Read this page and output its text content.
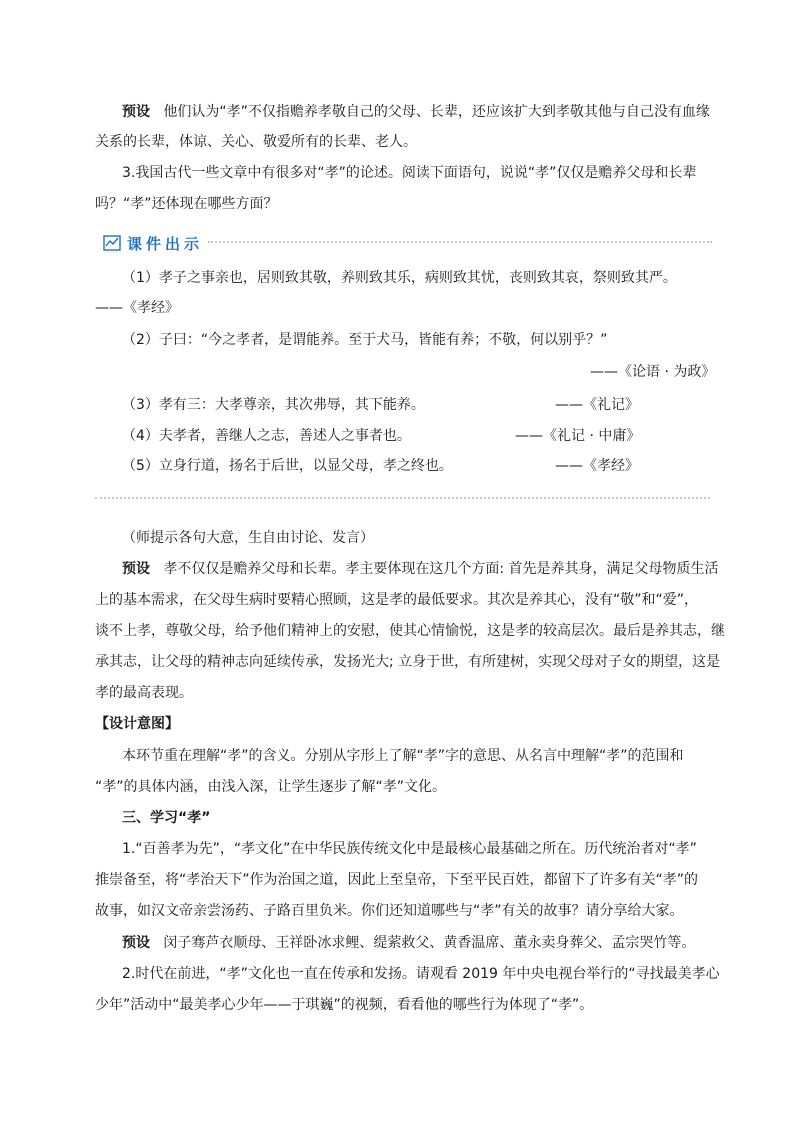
预设 他们认为“孝”不仅指赡养孝敬自己的父母、长辈，还应该扩大到孝敬其他与自己没有血缘
关系的长辈，体谅、关心、敬爱所有的长辈、老人。
3.我国古代一些文章中有很多对“孝”的论述。阅读下面语句，说说“孝”仅仅是赡养父母和长辈
吗？“孝”还体现在哪些方面？
课件出示
（1）孝子之事亲也，居则致其敬，养则致其乐，病则致其忧，丧则致其哀，祭则致其严。
——《孝经》
（2）子曰：“今之孝者，是谓能养。至于犬马，皆能有养；不敬，何以别乎？”
——《论语 · 为政》
（3）孝有三：大孝尊亲，其次弗辱，其下能养。	——《礼记》
（4）夫孝者，善继人之志，善述人之事者也。	——《礼记 · 中庸》
（5）立身行道，扬名于后世，以显父母，孝之终也。	——《孝经》
（师提示各句大意，生自由讨论、发言）
预设 孝不仅仅是赡养父母和长辈。孝主要体现在这几个方面: 首先是养其身，满足父母物质生活
上的基本需求，在父母生病时要精心照顾，这是孝的最低要求。其次是养其心，没有“敬”和“爱”，
谈不上孝，尊敬父母，给予他们精神上的安慰，使其心情愉悦，这是孝的较高层次。最后是养其志，继
承其志，让父母的精神志向延续传承，发扬光大; 立身于世，有所建树，实现父母对子女的期望，这是
孝的最高表现。
【设计意图】
本环节重在理解“孝”的含义。分别从字形上了解“孝”字的意思、从名言中理解“孝”的范围和
“孝”的具体内涵，由浅入深，让学生逐步了解“孝”文化。
三、学习“孝”
1.“百善孝为先”，“孝文化”在中华民族传统文化中是最核心最基础之所在。历代统治者对“孝”
推崇备至，将“孝治天下”作为治国之道，因此上至皇帝，下至平民百姓，都留下了许多有关“孝”的
故事，如汉文帝亲尝汤药、子路百里负米。你们还知道哪些与“孝”有关的故事？请分享给大家。
预设 闵子骞芦衣顺母、王祥卧冰求鲤、缇萦救父、黄香温席、董永卖身葬父、孟宗哭竹等。
2.时代在前进，“孝”文化也一直在传承和发扬。请观看 2019 年中央电视台举行的“寻找最美孝心
少年”活动中“最美孝心少年——于琪巍”的视频，看看他的哪些行为体现了“孝”。
